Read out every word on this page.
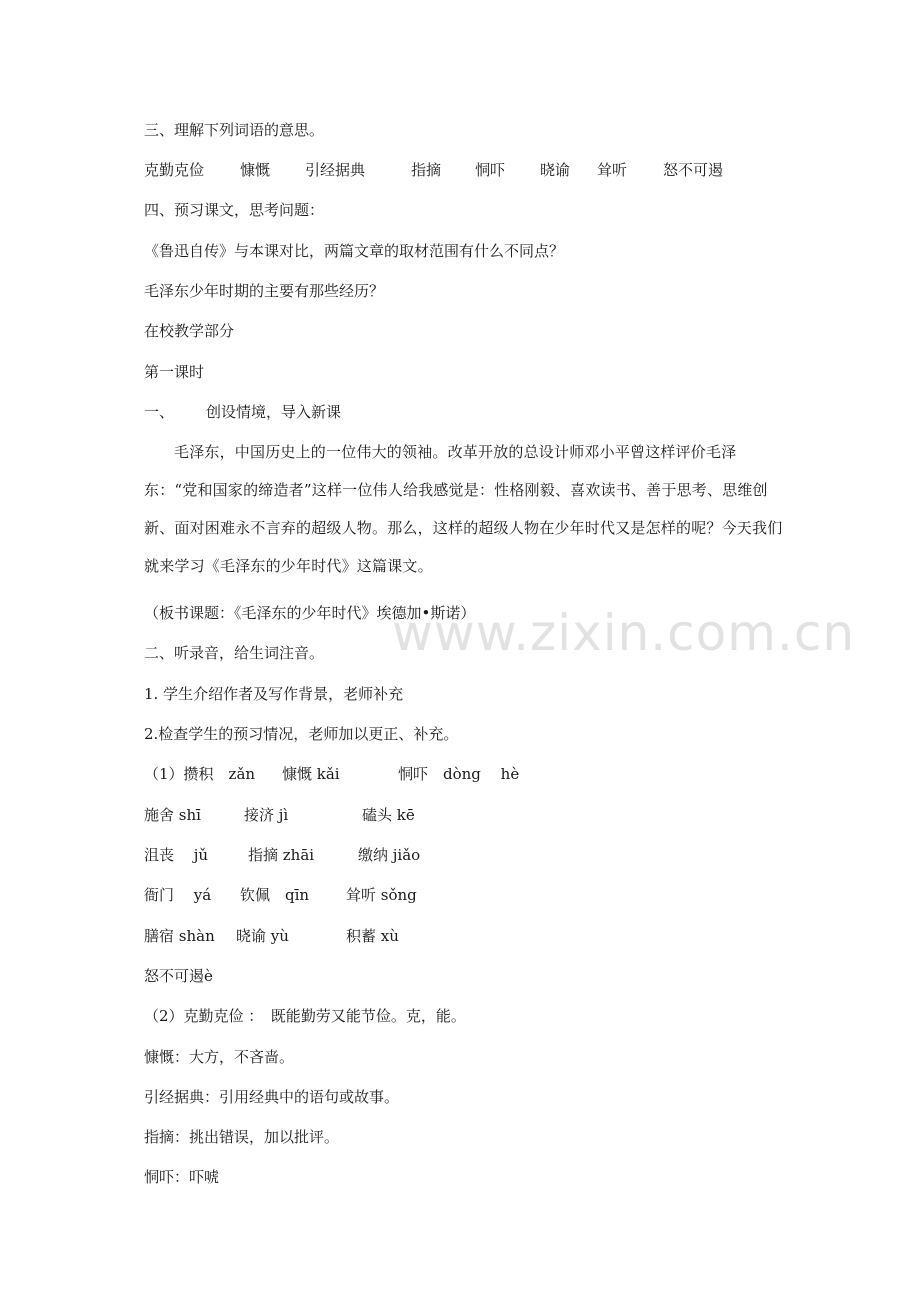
www.zixin.com.cn
三、理解下列词语的意思。
克勤克俭 慷慨 引经据典	指摘 恫吓 晓谕 耸听 怒不可遏
四、预习课文，思考问题：
《鲁迅自传》与本课对比，两篇文章的取材范围有什么不同点？
毛泽东少年时期的主要有那些经历？
在校教学部分
第一课时
一、 创设情境，导入新课

毛泽东，中国历史上的一位伟大的领袖。改革开放的总设计师邓小平曾这样评价毛泽东：“党和国家的缔造者”这样一位伟人给我感觉是：性格刚毅、喜欢读书、善于思考、思维创新、面对困难永不言弃的超级人物。那么，这样的超级人物在少年时代又是怎样的呢？今天我们就来学习《毛泽东的少年时代》这篇课文。

（板书课题：《毛泽东的少年时代》埃德加•斯诺）
二、听录音，给生词注音。
1. 学生介绍作者及写作背景，老师补充
2.检查学生的预习情况，老师加以更正、补充。
（1）攒积　zǎn 慷慨 kǎi	恫吓　dòng　 hè
施舍 shī	接济 jì	磕头 kē
沮丧　 jǔ	指摘 zhāi	缴纳 jiǎo
衙门　 yá 钦佩　qīn 耸听 sǒng
膳宿 shàn 晓谕 yù	积蓄 xù
怒不可遏è
（2）克勤克俭 ：　既能勤劳又能节俭。克，能。
慷慨：大方，不吝啬。
引经据典：引用经典中的语句或故事。
指摘：挑出错误，加以批评。
恫吓：吓唬
